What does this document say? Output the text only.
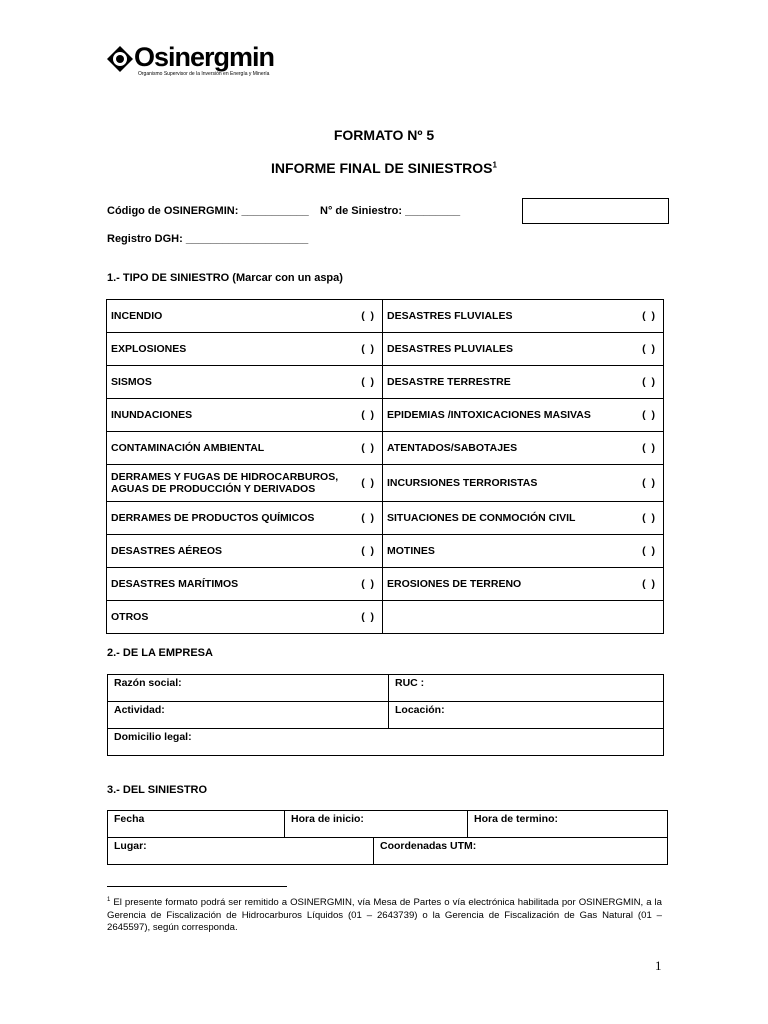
Osinergmin
Organismo Supervisor de la Inversión en Energía y Minería
FORMATO Nº 5
INFORME FINAL DE SINIESTROS$^1$
Código de OSINERGMIN: ___________ N° de Siniestro: _________
Registro DGH: ____________________
1.- TIPO DE SINIESTRO (Marcar con un aspa)
INCENDIO (  )	DESASTRES FLUVIALES (  )

EXPLOSIONES (  )	DESASTRES PLUVIALES (  )

SISMOS (  )	DESASTRE TERRESTRE (  )

INUNDACIONES (  )	EPIDEMIAS /INTOXICACIONES MASIVAS (  )

CONTAMINACIÓN AMBIENTAL (  )	ATENTADOS/SABOTAJES (  )

DERRAMES Y FUGAS DE HIDROCARBUROS, AGUAS DE PRODUCCIÓN Y DERIVADOS (  )	INCURSIONES TERRORISTAS (  )

DERRAMES DE PRODUCTOS QUÍMICOS (  )	SITUACIONES DE CONMOCIÓN CIVIL (  )

DESASTRES AÉREOS (  )	MOTINES (  )

DESASTRES MARÍTIMOS (  )	EROSIONES DE TERRENO (  )

OTROS (  )	

2.- DE LA EMPRESA
Razón social:	RUC :
Actividad:	Locación:
Domicilio legal:	
3.- DEL SINIESTRO
Fecha	Hora de inicio:	Hora de termino:
Lugar:	Coordenadas UTM:
$^1$ El presente formato podrá ser remitido a OSINERGMIN, vía Mesa de Partes o vía electrónica habilitada por OSINERGMIN, a la Gerencia de Fiscalización de Hidrocarburos Líquidos (01 – 2643739) o la Gerencia de Fiscalización de Gas Natural (01 – 2645597), según corresponda.
1
